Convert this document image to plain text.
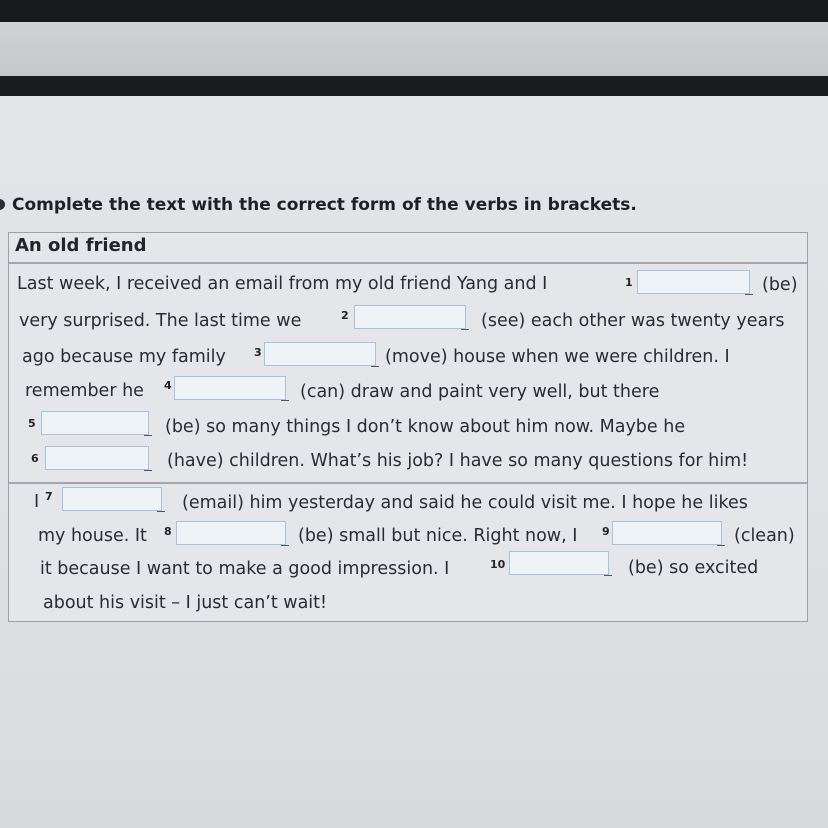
Complete the text with the correct form of the verbs in brackets.
An old friend
Last week, I received an email from my old friend Yang and I	1	(be)
very surprised. The last time we	2	(see) each other was twenty years
ago because my family	3	(move) house when we were children. I
remember he 4	(can) draw and paint very well, but there
5	(be) so many things I don’t know about him now. Maybe he
6	(have) children. What’s his job? I have so many questions for him!
I 7	(email) him yesterday and said he could visit me. I hope he likes
my house. It 8	(be) small but nice. Right now, I 9	(clean)
it because I want to make a good impression. I	10	(be) so excited
about his visit – I just can’t wait!
